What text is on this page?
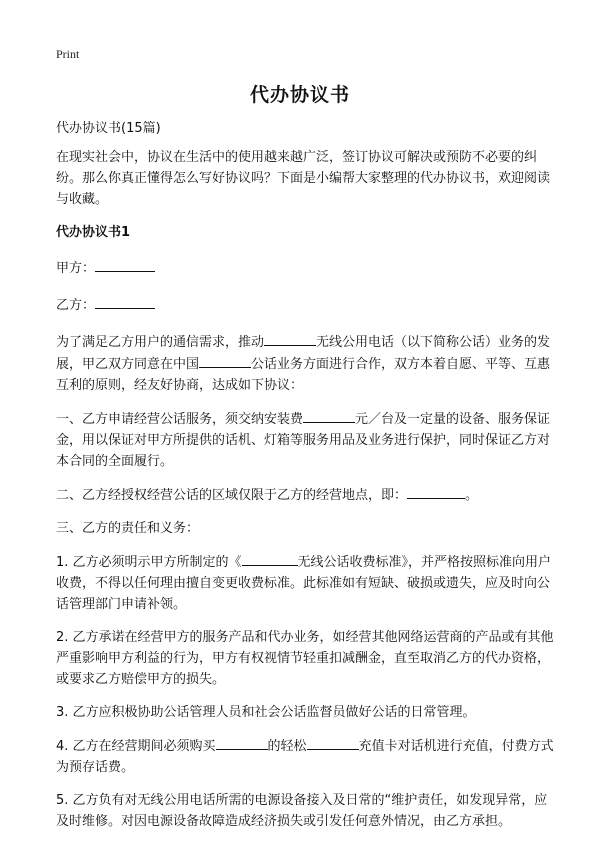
Print
代办协议书

代办协议书(15篇)

在现实社会中，协议在生活中的使用越来越广泛，签订协议可解决或预防不必要的纠纷。那么你真正懂得怎么写好协议吗？下面是小编帮大家整理的代办协议书，欢迎阅读与收藏。

代办协议书1

甲方：

乙方：

为了满足乙方用户的通信需求，推动	无线公用电话（以下简称公话）业务的发展，甲乙双方同意在中国	公话业务方面进行合作，双方本着自愿、平等、互惠互利的原则，经友好协商，达成如下协议：

一、乙方申请经营公话服务，须交纳安装费	元／台及一定量的设备、服务保证金，用以保证对甲方所提供的话机、灯箱等服务用品及业务进行保护，同时保证乙方对本合同的全面履行。

二、乙方经授权经营公话的区域仅限于乙方的经营地点，即：	。

三、乙方的责任和义务：

1. 乙方必须明示甲方所制定的《	无线公话收费标准》，并严格按照标准向用户收费，不得以任何理由擅自变更收费标准。此标准如有短缺、破损或遗失，应及时向公话管理部门申请补领。

2. 乙方承诺在经营甲方的服务产品和代办业务，如经营其他网络运营商的产品或有其他严重影响甲方利益的行为，甲方有权视情节轻重扣减酬金，直至取消乙方的代办资格，或要求乙方赔偿甲方的损失。

3. 乙方应积极协助公话管理人员和社会公话监督员做好公话的日常管理。

4. 乙方在经营期间必须购买	的轻松	充值卡对话机进行充值，付费方式为预存话费。

5. 乙方负有对无线公用电话所需的电源设备接入及日常的“维护责任，如发现异常，应及时维修。对因电源设备故障造成经济损失或引发任何意外情况，由乙方承担。
